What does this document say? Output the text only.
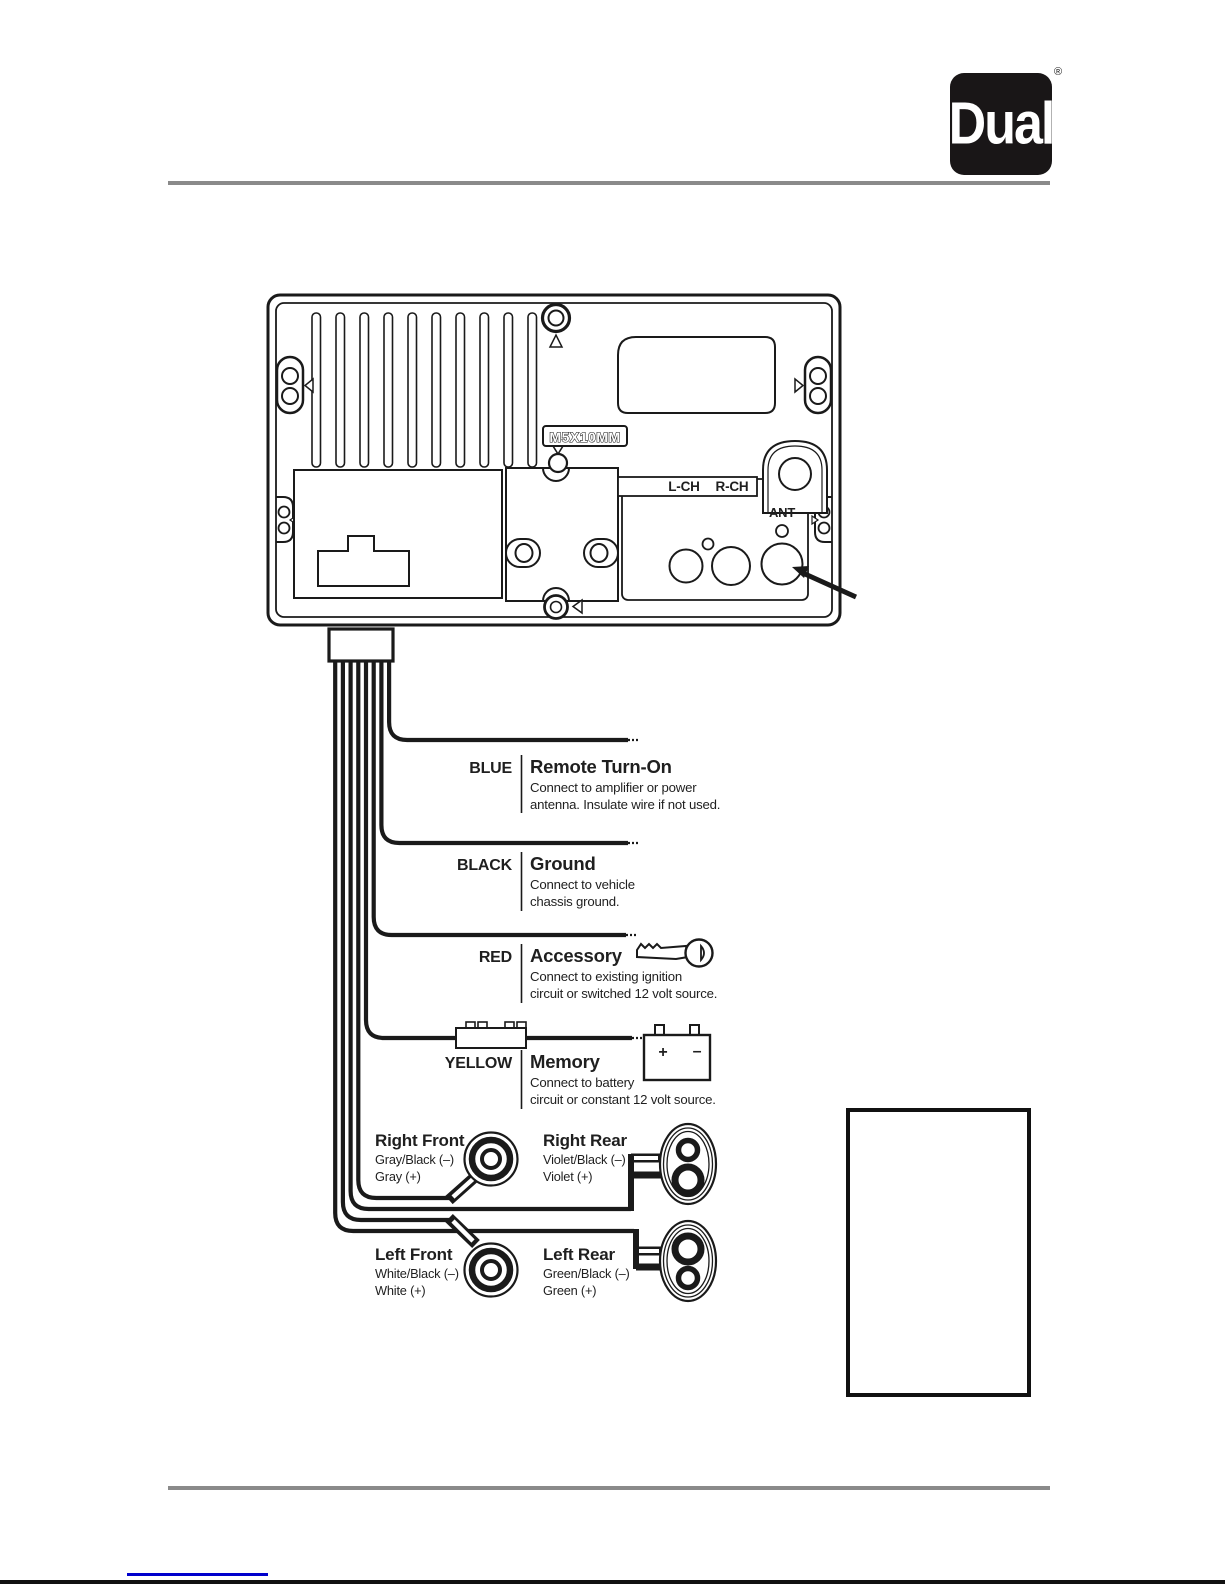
Dual
®
M5X10MM
L-CH R-CH
ANT
+ –
BLUE Remote Turn-On
Connect to amplifier or power
antenna. Insulate wire if not used.
BLACK Ground
Connect to vehicle
chassis ground.
RED Accessory
Connect to existing ignition
circuit or switched 12 volt source.
YELLOW Memory
Connect to battery
circuit or constant 12 volt source.
Right Front
Gray/Black (–)
Gray (+)
Right Rear
Violet/Black (–)
Violet (+)
Left Front
White/Black (–)
White (+)
Left Rear
Green/Black (–)
Green (+)
